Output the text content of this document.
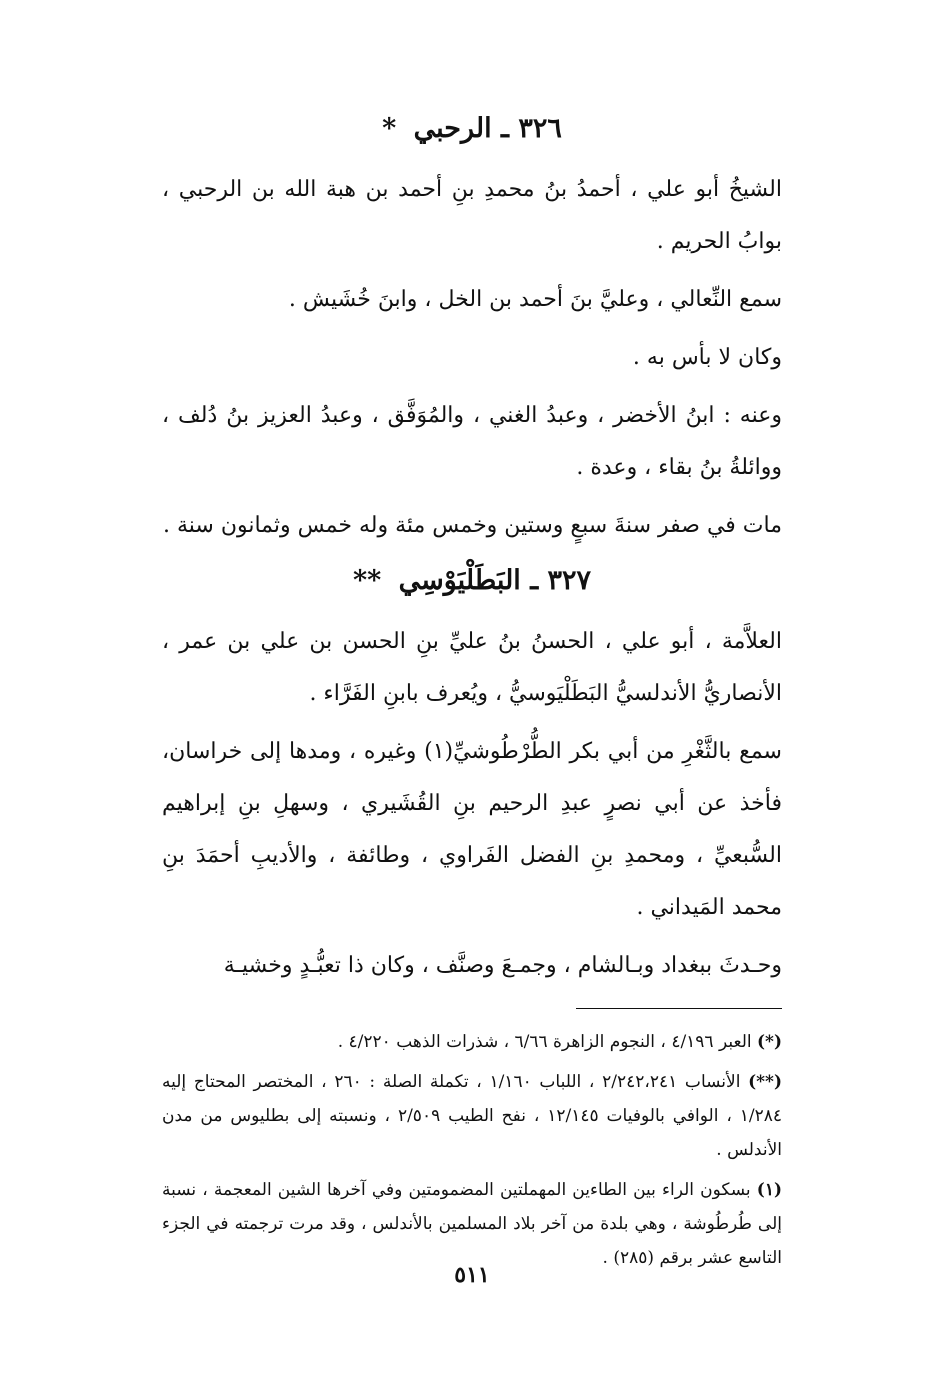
٣٢٦ ـ الرحبي *

الشيخُ أبو علي ، أحمدُ بنُ محمدِ بنِ أحمد بن هبة الله بن الرحبي ، بوابُ الحريم .

سمع النِّعالي ، وعليَّ بنَ أحمد بن الخل ، وابنَ خُشَيش .

وكان لا بأس به .

وعنه : ابنُ الأخضر ، وعبدُ الغني ، والمُوَفَّق ، وعبدُ العزيز بنُ دُلف ، ووائلةُ بنُ بقاء ، وعدة .

مات في صفر سنةَ سبعٍ وستين وخمس مئة وله خمس وثمانون سنة .

٣٢٧ ـ البَطَلْيَوْسِي **

العلاَّمة ، أبو علي ، الحسنُ بنُ عليِّ بنِ الحسن بن علي بن عمر ، الأنصاريُّ الأندلسيُّ البَطَلْيَوسيُّ ، ويُعرف بابنِ الفَرَّاء .

سمع بالثَّغْرِ من أبي بكر الطُّرْطُوشيِّ(١) وغيره ، ومدها إلى خراسان، فأخذ عن أبي نصرٍ عبدِ الرحيم بنِ القُشَيري ، وسهلِ بنِ إبراهيم السُّبعيِّ ، ومحمدِ بنِ الفضل الفَراوي ، وطائفة ، والأديبِ أحمَدَ بنِ محمد المَيداني .

وحـدثَ ببغداد وبـالشام ، وجمـعَ وصنَّف ، وكان ذا تعبُّـدٍ وخشيـة

(*) العبر ٤/١٩٦ ، النجوم الزاهرة ٦/٦٦ ، شذرات الذهب ٤/٢٢٠ .

(**) الأنساب ٢/٢٤٢،٢٤١ ، اللباب ١/١٦٠ ، تكملة الصلة : ٢٦٠ ، المختصر المحتاج إليه ١/٢٨٤ ، الوافي بالوفيات ١٢/١٤٥ ، نفح الطيب ٢/٥٠٩ ، ونسبته إلى بطليوس من مدن الأندلس .

(١) بسكون الراء بين الطاءين المهملتين المضمومتين وفي آخرها الشين المعجمة ، نسبة إلى طُرطُوشة ، وهي بلدة من آخر بلاد المسلمين بالأندلس ، وقد مرت ترجمته في الجزء التاسع عشر برقم (٢٨٥) .

٥١١
